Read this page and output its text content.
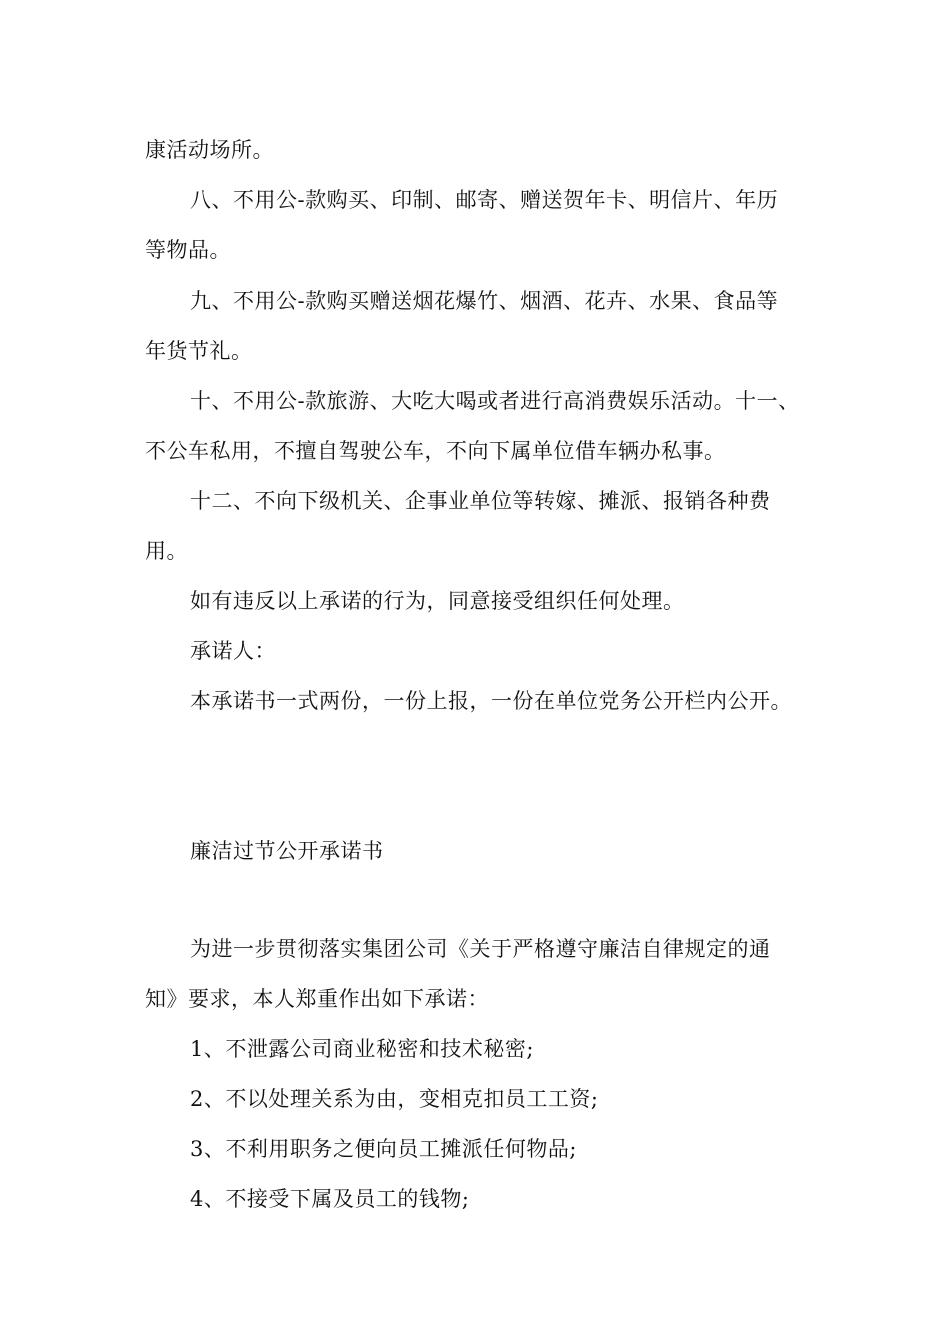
康活动场所。
八、不用公-款购买、印制、邮寄、赠送贺年卡、明信片、年历
等物品。
九、不用公-款购买赠送烟花爆竹、烟酒、花卉、水果、食品等
年货节礼。
十、不用公-款旅游、大吃大喝或者进行高消费娱乐活动。十一、
不公车私用，不擅自驾驶公车，不向下属单位借车辆办私事。
十二、不向下级机关、企事业单位等转嫁、摊派、报销各种费
用。
如有违反以上承诺的行为，同意接受组织任何处理。
承诺人：
本承诺书一式两份，一份上报，一份在单位党务公开栏内公开。
廉洁过节公开承诺书
为进一步贯彻落实集团公司《关于严格遵守廉洁自律规定的通
知》要求，本人郑重作出如下承诺：
1、不泄露公司商业秘密和技术秘密;
2、不以处理关系为由，变相克扣员工工资;
3、不利用职务之便向员工摊派任何物品;
4、不接受下属及员工的钱物;
